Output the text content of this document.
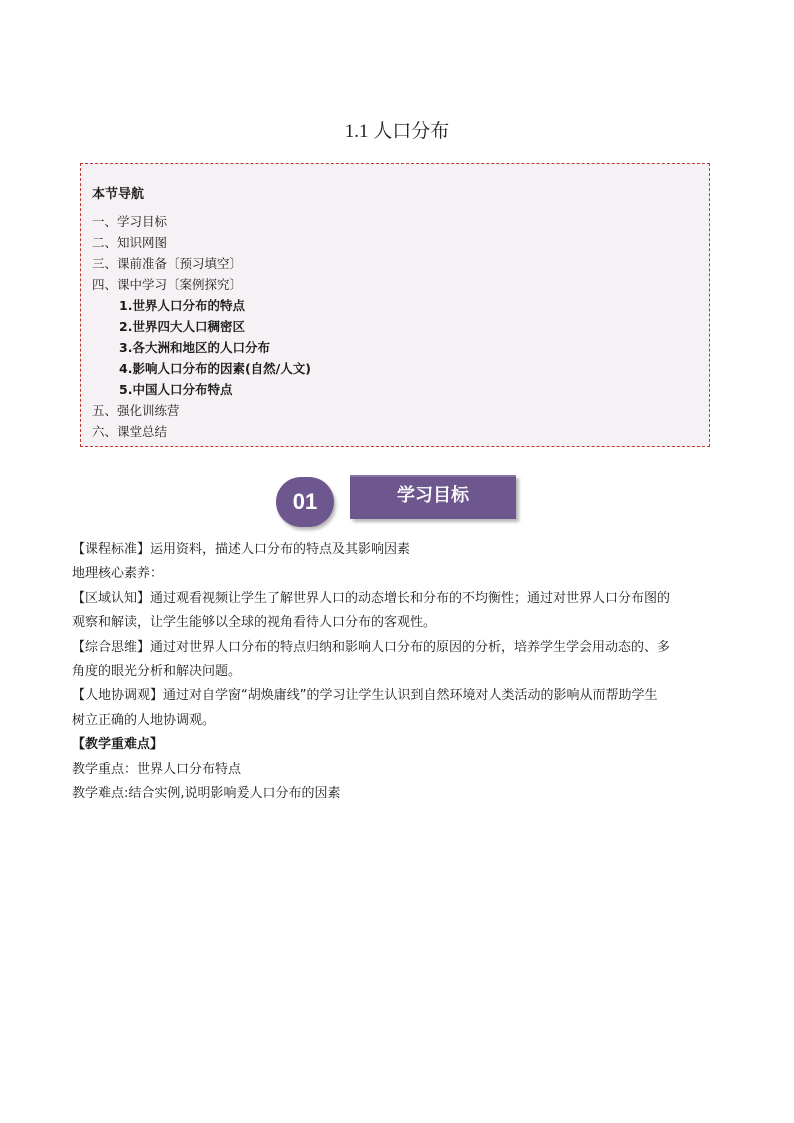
1.1 人口分布
本节导航
一、学习目标
二、知识网图
三、课前准备〔预习填空〕
四、课中学习〔案例探究〕
1.世界人口分布的特点
2.世界四大人口稠密区
3.各大洲和地区的人口分布
4.影响人口分布的因素(自然/人文)
5.中国人口分布特点
五、强化训练营
六、课堂总结
01	学习目标

【课程标准】运用资料，描述人口分布的特点及其影响因素

地理核心素养：

【区域认知】通过观看视频让学生了解世界人口的动态增长和分布的不均衡性；通过对世界人口分布图的

观察和解读，让学生能够以全球的视角看待人口分布的客观性。

【综合思维】通过对世界人口分布的特点归纳和影响人口分布的原因的分析，培养学生学会用动态的、多

角度的眼光分析和解决问题。

【人地协调观】通过对自学窗“胡焕庸线”的学习让学生认识到自然环境对人类活动的影响从而帮助学生

树立正确的人地协调观。

【教学重难点】

教学重点：世界人口分布特点

教学难点:结合实例,说明影响爰人口分布的因素
